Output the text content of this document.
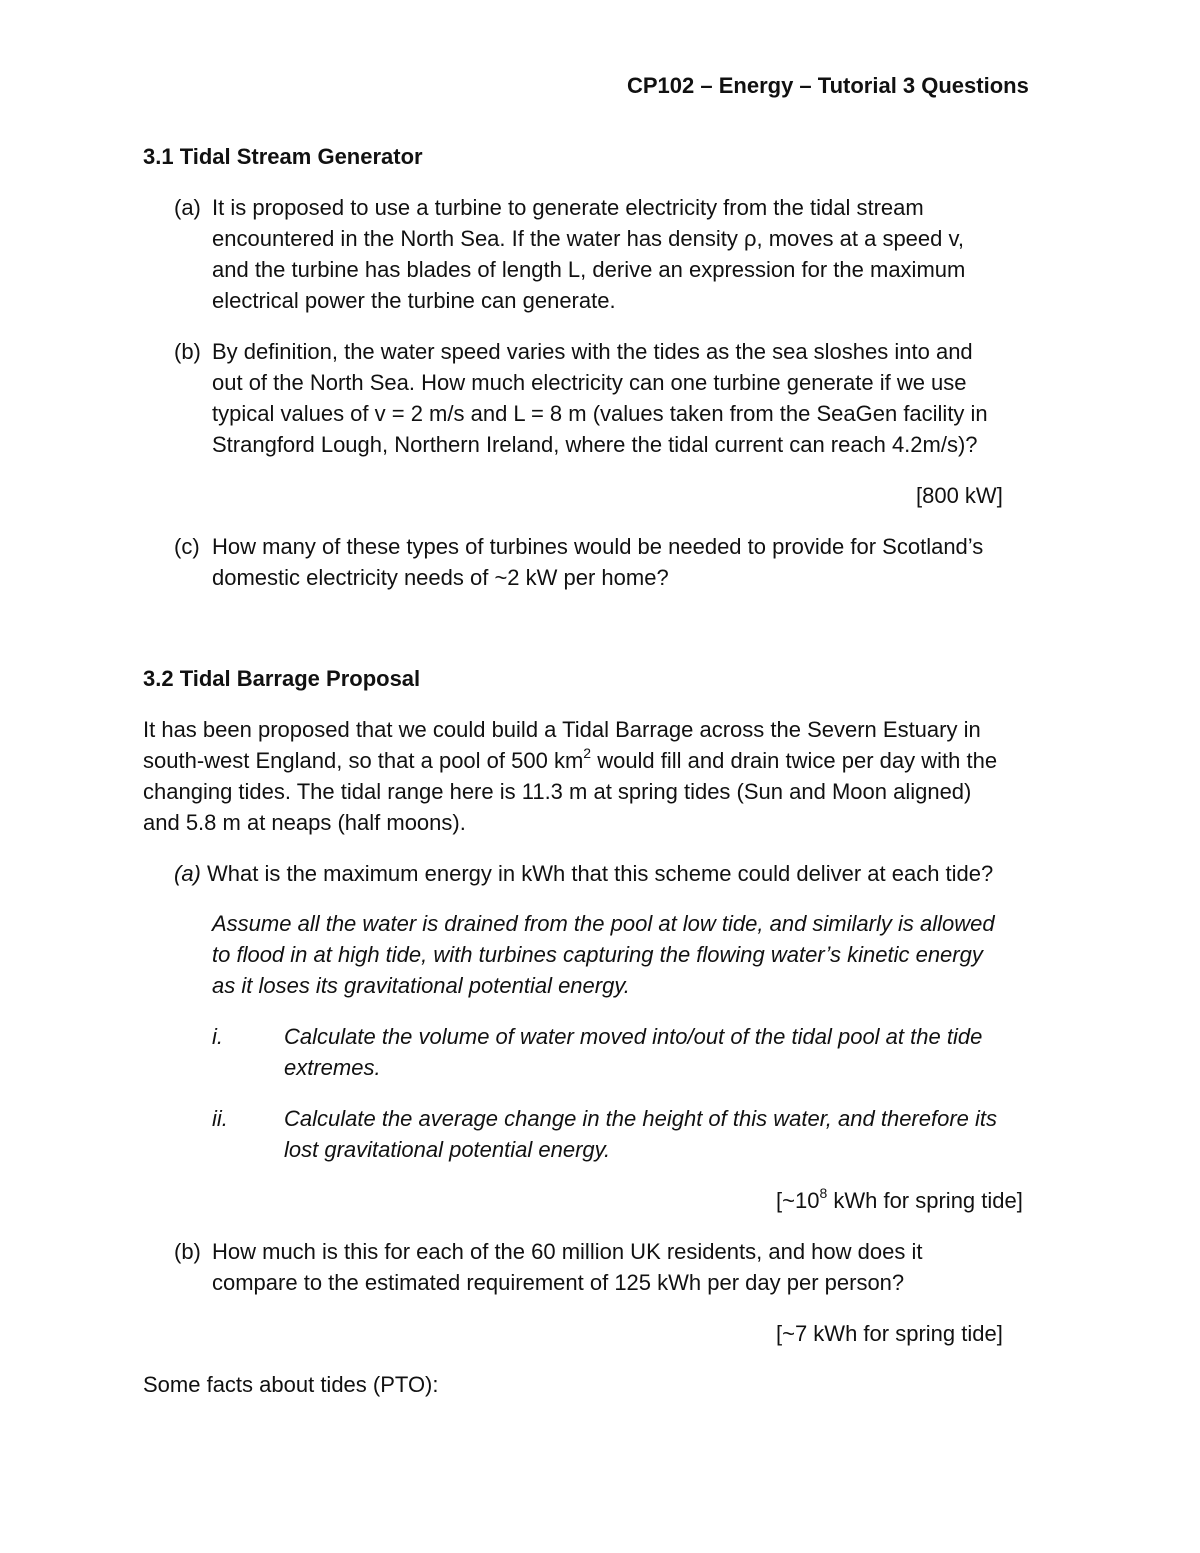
CP102 – Energy – Tutorial 3 Questions
3.1 Tidal Stream Generator
(a) It is proposed to use a turbine to generate electricity from the tidal stream
encountered in the North Sea. If the water has density ρ, moves at a speed v,
and the turbine has blades of length L, derive an expression for the maximum
electrical power the turbine can generate.
(b) By definition, the water speed varies with the tides as the sea sloshes into and
out of the North Sea. How much electricity can one turbine generate if we use
typical values of v = 2 m/s and L = 8 m (values taken from the SeaGen facility in
Strangford Lough, Northern Ireland, where the tidal current can reach 4.2m/s)?
[800 kW]
(c) How many of these types of turbines would be needed to provide for Scotland’s
domestic electricity needs of ~2 kW per home?
3.2 Tidal Barrage Proposal
It has been proposed that we could build a Tidal Barrage across the Severn Estuary in
south-west England, so that a pool of 500 $km^2$ would fill and drain twice per day with the
changing tides. The tidal range here is 11.3 m at spring tides (Sun and Moon aligned)
and 5.8 m at neaps (half moons).
(a) What is the maximum energy in kWh that this scheme could deliver at each tide?
Assume all the water is drained from the pool at low tide, and similarly is allowed
to flood in at high tide, with turbines capturing the flowing water’s kinetic energy
as it loses its gravitational potential energy.
i.	Calculate the volume of water moved into/out of the tidal pool at the tide
extremes.
ii.	Calculate the average change in the height of this water, and therefore its
lost gravitational potential energy.
[$\sim 10^8$ kWh for spring tide]
(b) How much is this for each of the 60 million UK residents, and how does it
compare to the estimated requirement of 125 kWh per day per person?
[~7 kWh for spring tide]
Some facts about tides (PTO):
